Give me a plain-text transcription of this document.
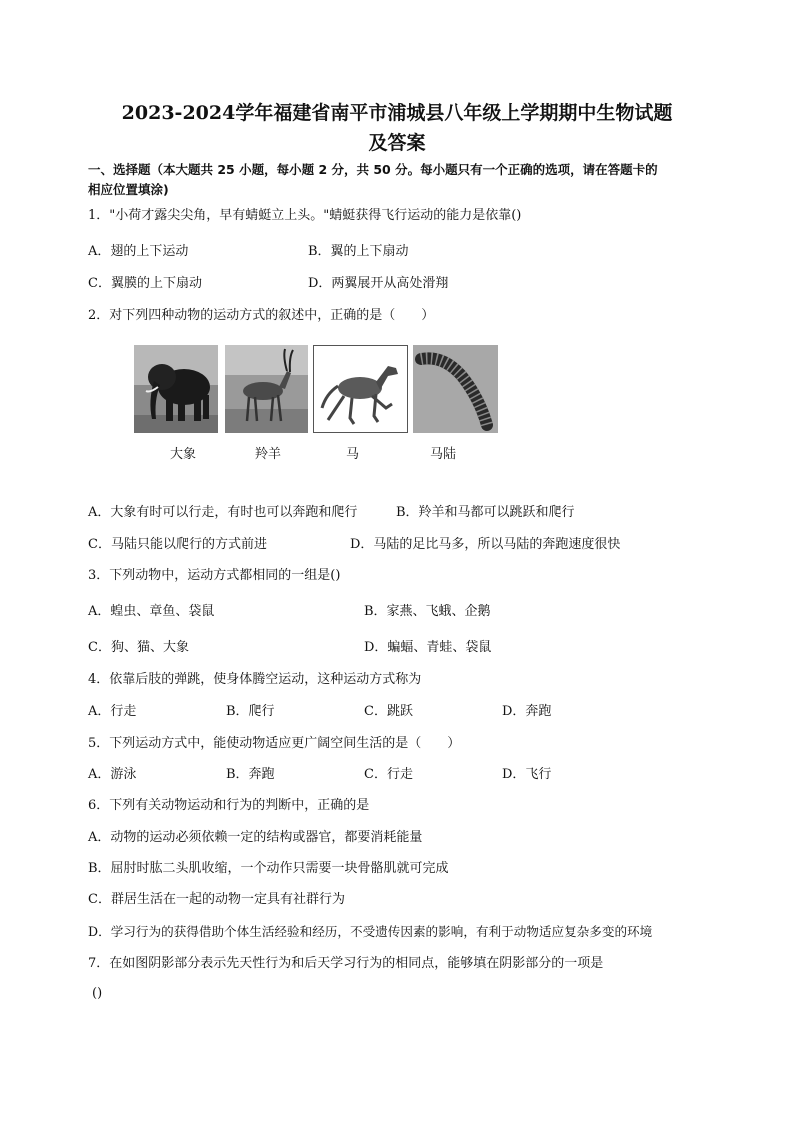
2023-2024学年福建省南平市浦城县八年级上学期期中生物试题
及答案
一、选择题（本大题共 25 小题，每小题 2 分，共 50 分。每小题只有一个正确的选项，请在答题卡的
相应位置填涂)
1．"小荷才露尖尖角，早有蜻蜓立上头。"蜻蜓获得飞行运动的能力是依靠()
A．翅的上下运动	B．翼的上下扇动
C．翼膜的上下扇动	D．两翼展开从高处滑翔
2．对下列四种动物的运动方式的叙述中，正确的是（　　）
大象	羚羊	马	马陆
A．大象有时可以行走，有时也可以奔跑和爬行	B．羚羊和马都可以跳跃和爬行
C．马陆只能以爬行的方式前进	D．马陆的足比马多，所以马陆的奔跑速度很快
3．下列动物中，运动方式都相同的一组是()
A．蝗虫、章鱼、袋鼠	B．家燕、飞蛾、企鹅
C．狗、猫、大象	D．蝙蝠、青蛙、袋鼠
4．依靠后肢的弹跳，使身体腾空运动，这种运动方式称为
A．行走	B．爬行	C．跳跃	D．奔跑
5．下列运动方式中，能使动物适应更广阔空间生活的是（　　）
A．游泳	B．奔跑	C．行走	D．飞行
6．下列有关动物运动和行为的判断中，正确的是
A．动物的运动必须依赖一定的结构或器官，都要消耗能量
B．屈肘时肱二头肌收缩，一个动作只需要一块骨骼肌就可完成
C．群居生活在一起的动物一定具有社群行为
D．学习行为的获得借助个体生活经验和经历，不受遗传因素的影响，有利于动物适应复杂多变的环境
7．在如图阴影部分表示先天性行为和后天学习行为的相同点，能够填在阴影部分的一项是
()
